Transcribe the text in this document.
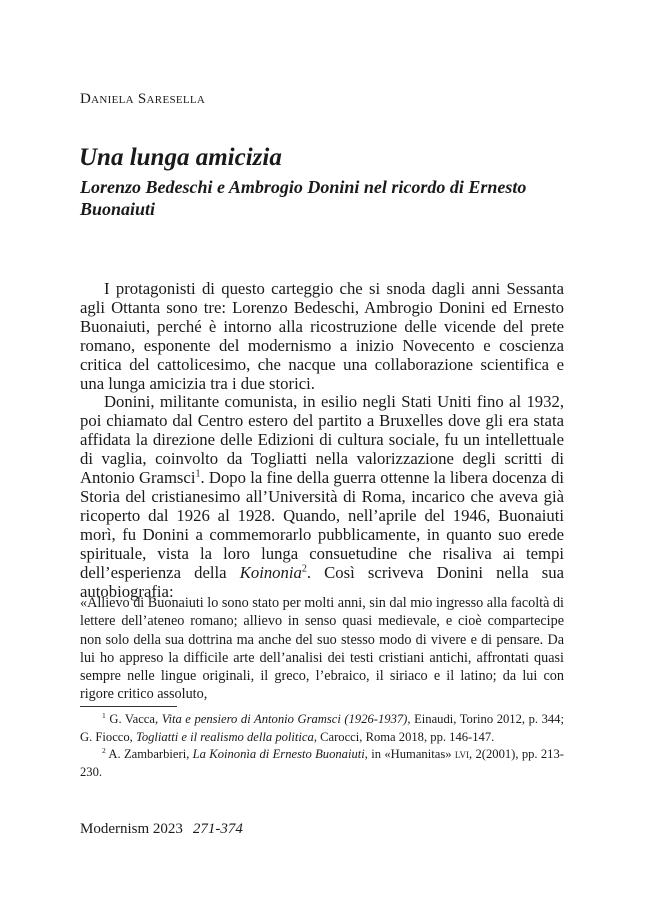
Daniela Saresella
Una lunga amicizia
Lorenzo Bedeschi e Ambrogio Donini nel ricordo di Ernesto Buonaiuti

I protagonisti di questo carteggio che si snoda dagli anni Sessanta agli Ottanta sono tre: Lorenzo Bedeschi, Ambrogio Donini ed Ernesto Buonaiuti, perché è intorno alla ricostruzione delle vicende del prete romano, esponente del modernismo a inizio Novecento e coscienza critica del cattolicesimo, che nacque una collaborazione scientifica e una lunga amicizia tra i due storici.

Donini, militante comunista, in esilio negli Stati Uniti fino al 1932, poi chiamato dal Centro estero del partito a Bruxelles dove gli era stata affidata la direzione delle Edizioni di cultura sociale, fu un intellettuale di vaglia, coinvolto da Togliatti nella valorizzazione degli scritti di Antonio Gramsci$^1$. Dopo la fine della guerra ottenne la libera docenza di Storia del cristianesimo all’Università di Roma, incarico che aveva già ricoperto dal 1926 al 1928. Quando, nell’aprile del 1946, Buonaiuti morì, fu Donini a commemorarlo pubblicamente, in quanto suo erede spirituale, vista la loro lunga consuetudine che risaliva ai tempi dell’esperienza della Koinonia$^2$. Così scriveva Donini nella sua autobiografia:

«Allievo di Buonaiuti lo sono stato per molti anni, sin dal mio ingresso alla facoltà di lettere dell’ateneo romano; allievo in senso quasi medievale, e cioè compartecipe non solo della sua dottrina ma anche del suo stesso modo di vivere e di pensare. Da lui ho appreso la difficile arte dell’analisi dei testi cristiani antichi, affrontati quasi sempre nelle lingue originali, il greco, l’ebraico, il siriaco e il latino; da lui con rigore critico assoluto,

$^1$ G. Vacca, Vita e pensiero di Antonio Gramsci (1926-1937), Einaudi, Torino 2012, p. 344; G. Fiocco, Togliatti e il realismo della politica, Carocci, Roma 2018, pp. 146-147.

$^2$ A. Zambarbieri, La Koinonìa di Ernesto Buonaiuti, in «Humanitas» lvi, 2(2001), pp. 213-230.

Modernism 2023 271-374
